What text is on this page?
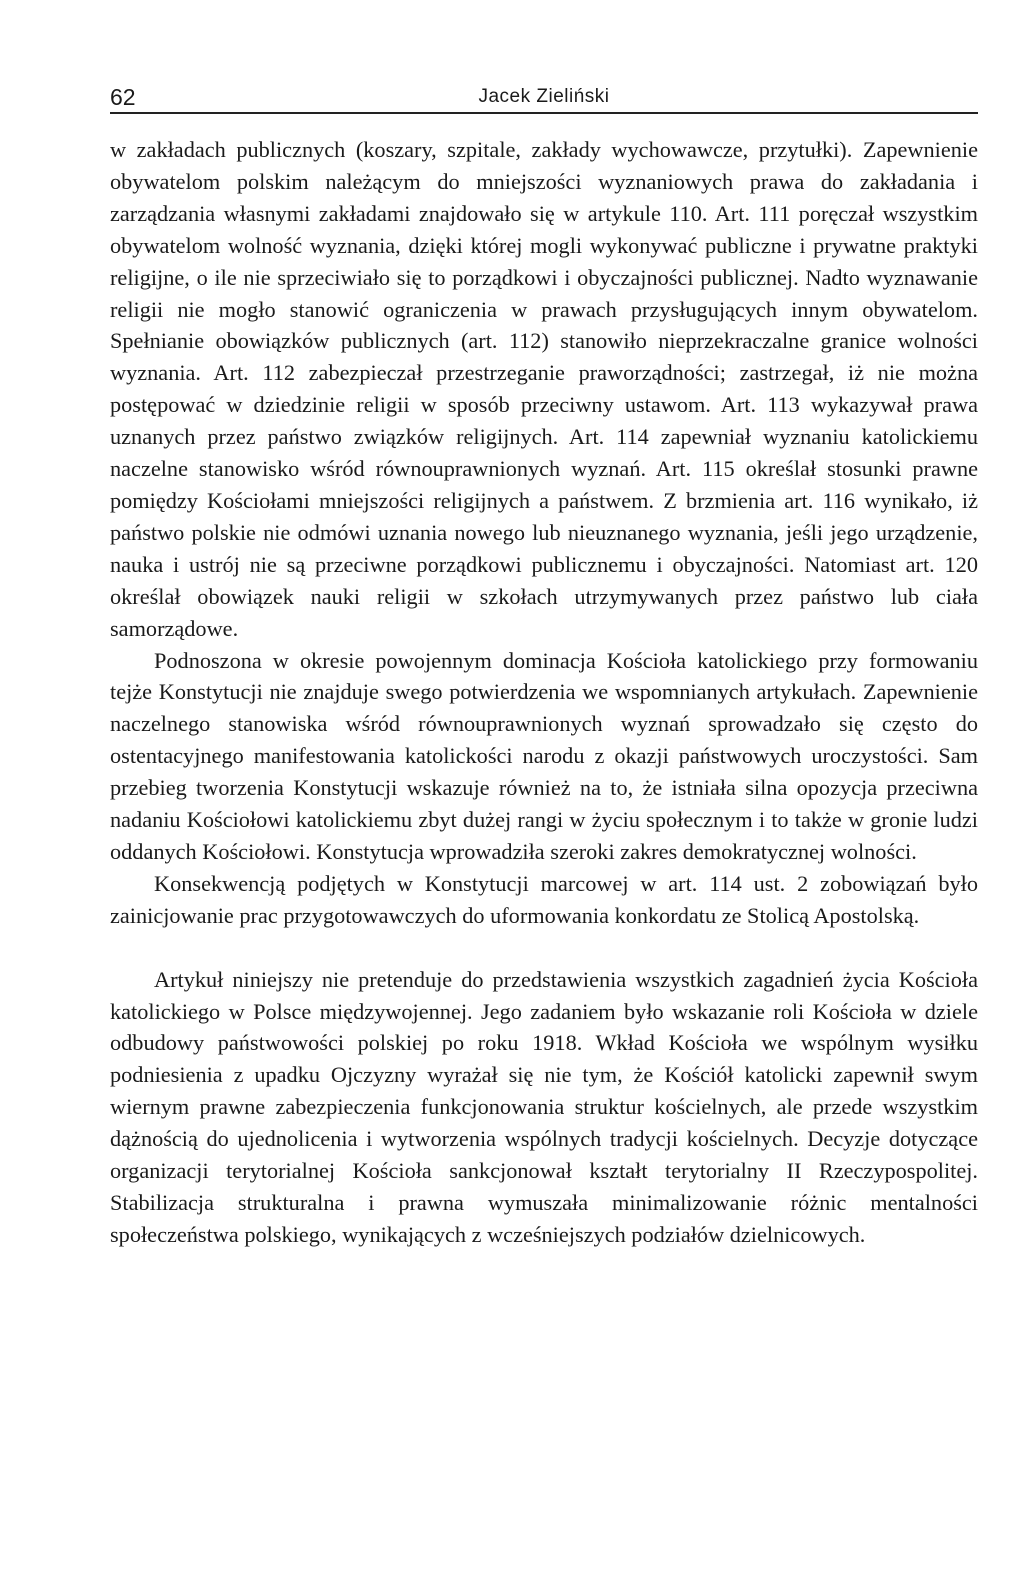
62	Jacek Zieliński

w zakładach publicznych (koszary, szpitale, zakłady wychowawcze, przytułki). Zapewnienie obywatelom polskim należącym do mniejszości wyznaniowych prawa do zakładania i zarządzania własnymi zakładami znajdowało się w artykule 110. Art. 111 poręczał wszystkim obywatelom wolność wyznania, dzięki której mogli wykonywać publiczne i prywatne praktyki religijne, o ile nie sprzeciwiało się to porządkowi i obyczajności publicznej. Nadto wyznawanie religii nie mogło stanowić ograniczenia w prawach przysługujących innym obywatelom. Spełnianie obowiązków publicznych (art. 112) stanowiło nieprzekraczalne granice wolności wyznania. Art. 112 zabezpieczał przestrzeganie praworządności; zastrzegał, iż nie można postępować w dziedzinie religii w sposób przeciwny ustawom. Art. 113 wykazywał prawa uznanych przez państwo związków religijnych. Art. 114 zapewniał wyznaniu katolickiemu naczelne stanowisko wśród równouprawnionych wyznań. Art. 115 określał stosunki prawne pomiędzy Kościołami mniejszości religijnych a państwem. Z brzmienia art. 116 wynikało, iż państwo polskie nie odmówi uznania nowego lub nieuznanego wyznania, jeśli jego urządzenie, nauka i ustrój nie są przeciwne porządkowi publicznemu i obyczajności. Natomiast art. 120 określał obowiązek nauki religii w szkołach utrzymywanych przez państwo lub ciała samorządowe.

Podnoszona w okresie powojennym dominacja Kościoła katolickiego przy formowaniu tejże Konstytucji nie znajduje swego potwierdzenia we wspomnianych artykułach. Zapewnienie naczelnego stanowiska wśród równouprawnionych wyznań sprowadzało się często do ostentacyjnego manifestowania katolickości narodu z okazji państwowych uroczystości. Sam przebieg tworzenia Konstytucji wskazuje również na to, że istniała silna opozycja przeciwna nadaniu Kościołowi katolickiemu zbyt dużej rangi w życiu społecznym i to także w gronie ludzi oddanych Kościołowi. Konstytucja wprowadziła szeroki zakres demokratycznej wolności.

Konsekwencją podjętych w Konstytucji marcowej w art. 114 ust. 2 zobowiązań było zainicjowanie prac przygotowawczych do uformowania konkordatu ze Stolicą Apostolską.

Artykuł niniejszy nie pretenduje do przedstawienia wszystkich zagadnień życia Kościoła katolickiego w Polsce międzywojennej. Jego zadaniem było wskazanie roli Kościoła w dziele odbudowy państwowości polskiej po roku 1918. Wkład Kościoła we wspólnym wysiłku podniesienia z upadku Ojczyzny wyrażał się nie tym, że Kościół katolicki zapewnił swym wiernym prawne zabezpieczenia funkcjonowania struktur kościelnych, ale przede wszystkim dążnością do ujednolicenia i wytworzenia wspólnych tradycji kościelnych. Decyzje dotyczące organizacji terytorialnej Kościoła sankcjonował kształt terytorialny II Rzeczypospolitej. Stabilizacja strukturalna i prawna wymuszała minimalizowanie różnic mentalności społeczeństwa polskiego, wynikających z wcześniejszych podziałów dzielnicowych.
